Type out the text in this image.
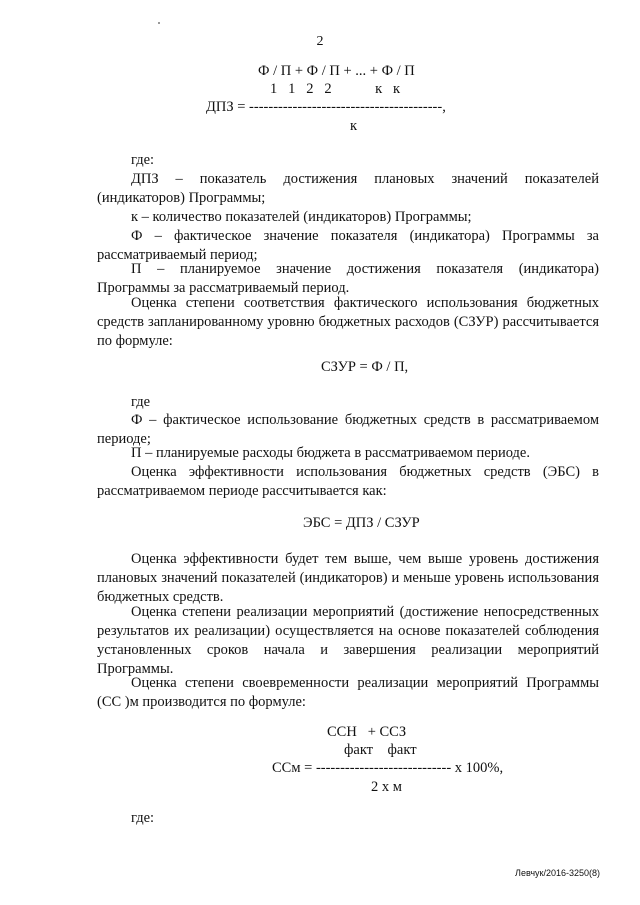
2
Ф / П + Ф / П + ... + Ф / П
1   1   2   2            к   к
ДПЗ = ----------------------------------------,
к
где:
ДПЗ – показатель достижения плановых значений показателей (индикаторов) Программы;
к – количество показателей (индикаторов) Программы;
Ф – фактическое значение показателя (индикатора) Программы за рассматриваемый период;
П – планируемое значение достижения показателя (индикатора) Программы за рассматриваемый период.
Оценка степени соответствия фактического использования бюджетных средств запланированному уровню бюджетных расходов (СЗУР) рассчитывается по формуле:
СЗУР = Ф / П,
где
Ф – фактическое использование бюджетных средств в рассматриваемом периоде;
П – планируемые расходы бюджета в рассматриваемом периоде.
Оценка эффективности использования бюджетных средств (ЭБС) в рассматриваемом периоде рассчитывается как:
ЭБС = ДПЗ / СЗУР
Оценка эффективности будет тем выше, чем выше уровень достижения плановых значений показателей (индикаторов) и меньше уровень использования бюджетных средств.
Оценка степени реализации мероприятий (достижение непосредственных результатов их реализации) осуществляется на основе показателей соблюдения установленных сроков начала и завершения реализации мероприятий Программы.
Оценка степени своевременности реализации мероприятий Программы (СС )м производится по формуле:
ССН   + ССЗ
факт    факт
ССм = ---------------------------- х 100%,
2 х м
где:
Левчук/2016-3250(8)
